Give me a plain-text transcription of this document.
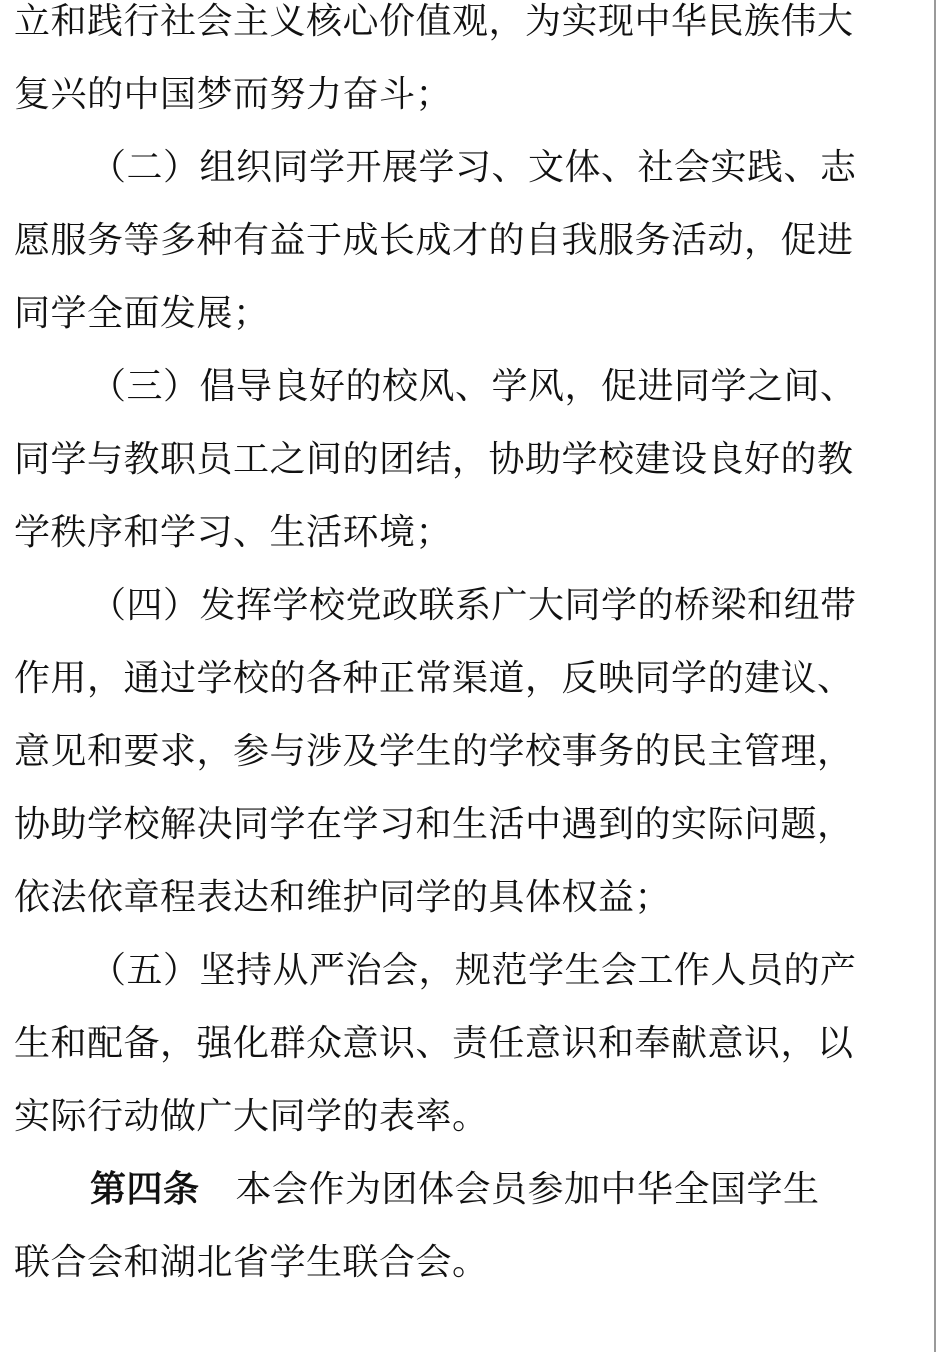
立和践行社会主义核心价值观，为实现中华民族伟大
复兴的中国梦而努力奋斗；
（二）组织同学开展学习、文体、社会实践、志
愿服务等多种有益于成长成才的自我服务活动，促进
同学全面发展；
（三）倡导良好的校风、学风，促进同学之间、
同学与教职员工之间的团结，协助学校建设良好的教
学秩序和学习、生活环境；
（四）发挥学校党政联系广大同学的桥梁和纽带
作用，通过学校的各种正常渠道，反映同学的建议、
意见和要求，参与涉及学生的学校事务的民主管理，
协助学校解决同学在学习和生活中遇到的实际问题，
依法依章程表达和维护同学的具体权益；
（五）坚持从严治会，规范学生会工作人员的产
生和配备，强化群众意识、责任意识和奉献意识，以
实际行动做广大同学的表率。
第四条 本会作为团体会员参加中华全国学生
联合会和湖北省学生联合会。
